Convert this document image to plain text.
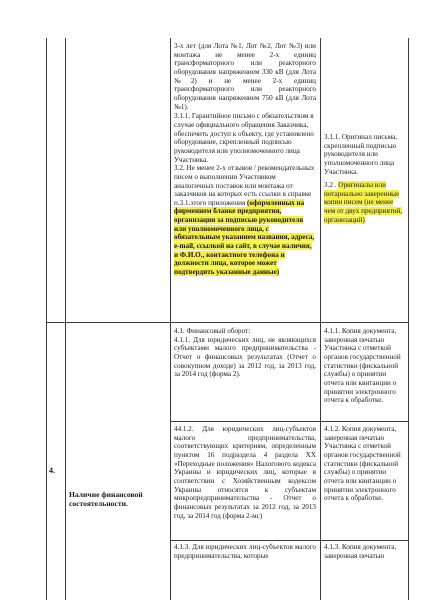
3-х лет (для Лота №1, Лот №2, Лот №3) или монтажа не менее 2-х единиц трансформаторного или реакторного оборудования напряжением 330 кВ (для Лота №2) и не менее 2-х единиц трансформаторного или реакторного оборудования напряжением 750 кВ (для Лота №1).

3.1.1. Гарантийное письмо с обязательством в случае официального обращения Заказчика, обеспечить доступ к объекту, где установлено оборудование, скрепленный подписью руководителя или уполномоченного лица Участника.

3.2. Не менее 2-х отзывов / рекомендательных писем о выполнении Участником аналогичных поставок или монтажа от заказчиков на которых есть ссылки в справке п.3.1.этого приложения (оформленных на фирменном бланке предприятия, организации за подписью руководителя или уполномоченного лица, с обязательным указанием названия, адреса, e-mail, ссылкой на сайт, в случае наличия, и Ф.И.О., контактного телефона и должности лица, которое может подтвердить указанные данные)

3.1.1. Оригинал письма, скрепленный подписью руководителя или уполномоченного лица Участника.

3.2 . Оригиналы или нотариально заверенные копии писем (не менее чем от двух предприятий, организаций)

4.
Наличие финансовой
состоятельности.

4.1. Финансовый оборот:

4.1.1. Для юридических лиц, не являющихся субъектами малого предпринимательства - Отчет о финансовых результатах (Отчет о совокупном доходе) за 2012 год, за 2013 год, за 2014 год (форма 2).

4.1.1. Копия документа, заверенная печатью Участника с отметкой органов государственной статистики (фискальной службы) о принятии отчета или квитанции о принятии электронного отчета к обработке.

44.1.2. Для юридических лиц-субъектов малого предпринимательства, соответствующих критериям, определенным пунктом 16 подраздела 4 раздела XX «Переходные положения» Налогового кодекса Украины и юридических лиц, которые в соответствии с Хозяйственным кодексом Украины относятся к субъектам микропредпринимательства - Отчет о финансовых результатах за 2012 год, за 2013 год, за 2014 год (форма 2-мс)

4.1.2. Копия документа, заверенная печатью Участника с отметкой органов государственной статистики (фискальной службы) о принятии отчета или квитанции о принятии электронного отчета к обработке.

4.1.3. Для юридических лиц-субъектов малого предпринимательства, которые

4.1.3. Копия документа, заверенная печатью
